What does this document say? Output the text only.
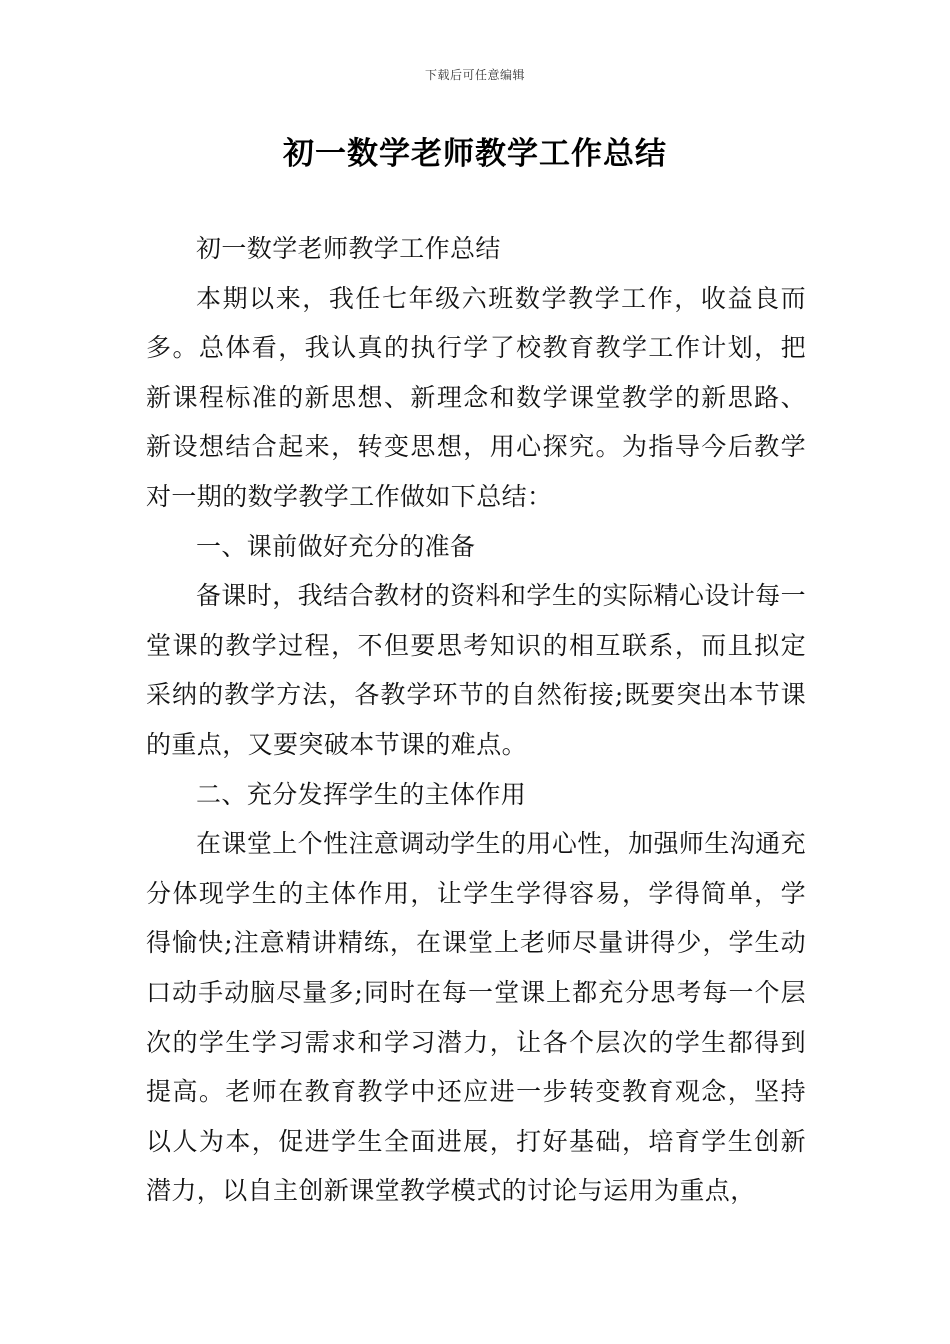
下载后可任意编辑
初一数学老师教学工作总结

初一数学老师教学工作总结

本期以来，我任七年级六班数学教学工作，收益良而多。总体看，我认真的执行学了校教育教学工作计划，把新课程标准的新思想、新理念和数学课堂教学的新思路、新设想结合起来，转变思想，用心探究。为指导今后教学对一期的数学教学工作做如下总结：

一、课前做好充分的准备

备课时，我结合教材的资料和学生的实际精心设计每一堂课的教学过程，不但要思考知识的相互联系，而且拟定采纳的教学方法，各教学环节的自然衔接;既要突出本节课的重点，又要突破本节课的难点。

二、充分发挥学生的主体作用

在课堂上个性注意调动学生的用心性，加强师生沟通充分体现学生的主体作用，让学生学得容易，学得简单，学得愉快;注意精讲精练，在课堂上老师尽量讲得少，学生动口动手动脑尽量多;同时在每一堂课上都充分思考每一个层次的学生学习需求和学习潜力，让各个层次的学生都得到提高。老师在教育教学中还应进一步转变教育观念，坚持以人为本，促进学生全面进展，打好基础，培育学生创新潜力，以自主创新课堂教学模式的讨论与运用为重点，
